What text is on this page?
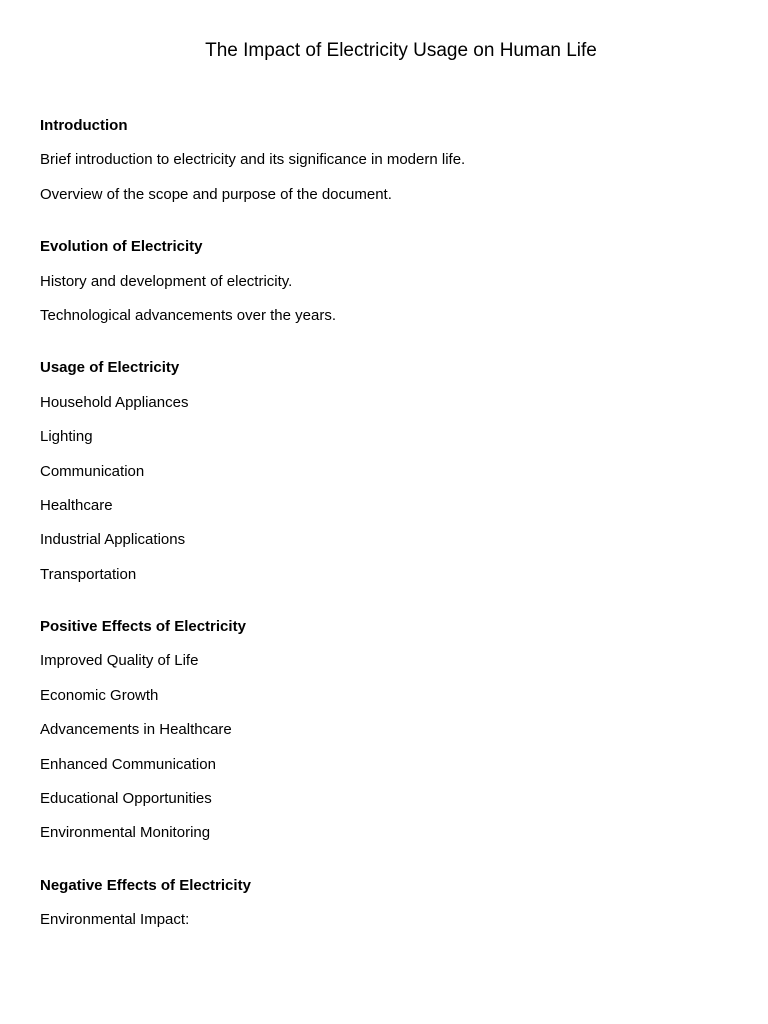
The Impact of Electricity Usage on Human Life
Introduction
Brief introduction to electricity and its significance in modern life.
Overview of the scope and purpose of the document.
Evolution of Electricity
History and development of electricity.
Technological advancements over the years.
Usage of Electricity
Household Appliances
Lighting
Communication
Healthcare
Industrial Applications
Transportation
Positive Effects of Electricity
Improved Quality of Life
Economic Growth
Advancements in Healthcare
Enhanced Communication
Educational Opportunities
Environmental Monitoring
Negative Effects of Electricity
Environmental Impact:
